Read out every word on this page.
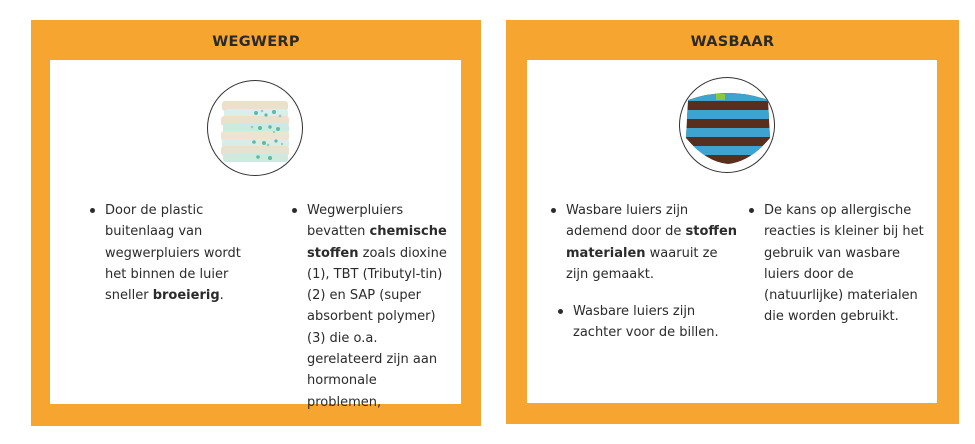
WEGWERP
Door de plastic buitenlaag van wegwerpluiers wordt het binnen de luier sneller broeierig.
Wegwerpluiers bevatten chemische stoffen zoals dioxine (1), TBT (Tributyl-tin) (2) en SAP (super absorbent polymer) (3) die o.a. gerelateerd zijn aan hormonale problemen,
WASBAAR
Wasbare luiers zijn ademend door de stoffen materialen waaruit ze zijn gemaakt.
Wasbare luiers zijn zachter voor de billen.
De kans op allergische reacties is kleiner bij het gebruik van wasbare luiers door de (natuurlijke) materialen die worden gebruikt.
